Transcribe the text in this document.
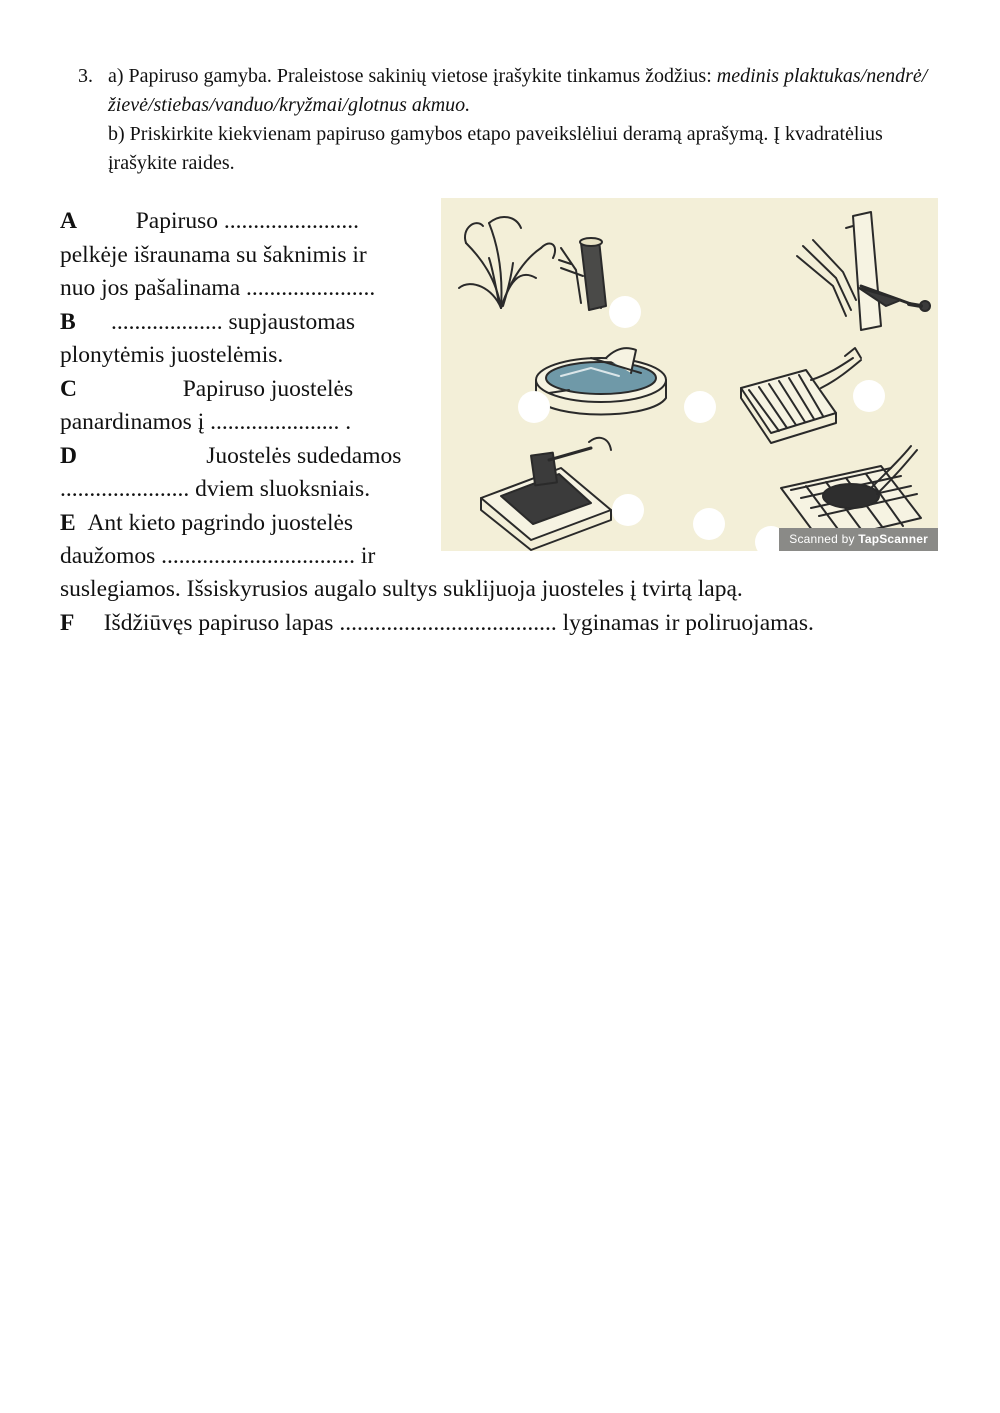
3. a) Papiruso gamyba. Praleistose sakinių vietose įrašykite tinkamus žodžius: medinis plaktukas/nendrė/žievė/stiebas/vanduo/kryžmai/glotnus akmuo.
b) Priskirkite kiekvienam papiruso gamybos etapo paveikslėliui deramą aprašymą. Į kvadratėlius įrašykite raides.
A	Papiruso .......................
pelkėje išraunama su šaknimis ir
nuo jos pašalinama ......................
B ................... supjaustomas
plonytėmis juostelėmis.
C	Papiruso juostelės
panardinamos į ...................... .
D	Juostelės sudedamos
...................... dviem sluoksniais.
E Ant kieto pagrindo juostelės
daužomos ................................. ir
suslegiamos. Išsiskyrusios augalo sultys suklijuoja juosteles į tvirtą lapą.
F Išdžiūvęs papiruso lapas ..................................... lyginamas ir poliruojamas.
Scanned by TapScanner
